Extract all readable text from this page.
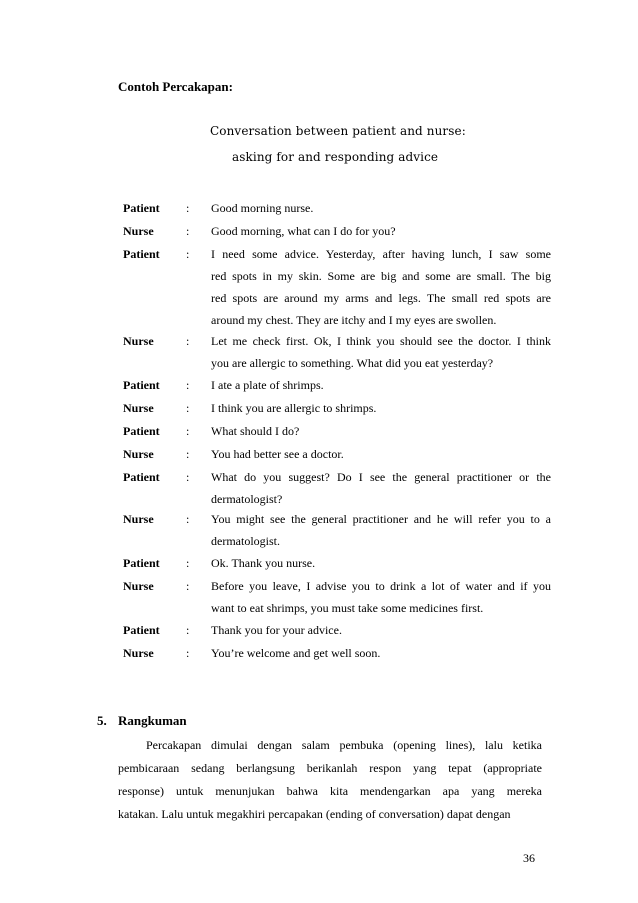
Contoh Percakapan:
Conversation between patient and nurse:
asking for and responding advice
Patient : Good morning nurse.
Nurse	: Good morning, what can I do for you?
Patient : I need some advice. Yesterday, after having lunch, I saw some
red spots in my skin. Some are big and some are small. The big
red spots are around my arms and legs. The small red spots are
around my chest. They are itchy and I my eyes are swollen.
Nurse	: Let me check first. Ok, I think you should see the doctor. I think
you are allergic to something. What did you eat yesterday?
Patient : I ate a plate of shrimps.
Nurse	: I think you are allergic to shrimps.
Patient : What should I do?
Nurse	: You had better see a doctor.
Patient : What do you suggest? Do I see the general practitioner or the
dermatologist?
Nurse	: You might see the general practitioner and he will refer you to a
dermatologist.
Patient : Ok. Thank you nurse.
Nurse	: Before you leave, I advise you to drink a lot of water and if you
want to eat shrimps, you must take some medicines first.
Patient : Thank you for your advice.
Nurse	: You’re welcome and get well soon.
5. Rangkuman
Percakapan dimulai dengan salam pembuka (opening lines), lalu ketika
pembicaraan sedang berlangsung berikanlah respon yang tepat (appropriate
response) untuk menunjukan bahwa kita mendengarkan apa yang mereka
katakan. Lalu untuk megakhiri percapakan (ending of conversation) dapat dengan
36
